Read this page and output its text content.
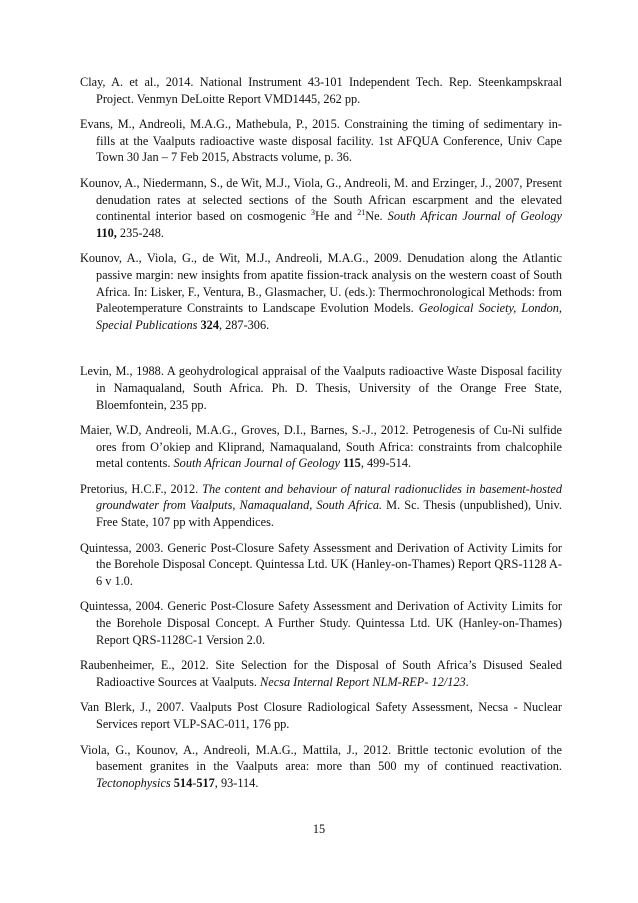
Clay, A. et al., 2014. National Instrument 43-101 Independent Tech. Rep. Steenkampskraal Project. Venmyn DeLoitte Report VMD1445, 262 pp.

Evans, M., Andreoli, M.A.G., Mathebula, P., 2015. Constraining the timing of sedimentary in-fills at the Vaalputs radioactive waste disposal facility. 1st AFQUA Conference, Univ Cape Town 30 Jan – 7 Feb 2015, Abstracts volume, p. 36.

Kounov, A., Niedermann, S., de Wit, M.J., Viola, G., Andreoli, M. and Erzinger, J., 2007, Present denudation rates at selected sections of the South African escarpment and the elevated continental interior based on cosmogenic $^3$He and $^{21}$Ne. South African Journal of Geology 110, 235-248.

Kounov, A., Viola, G., de Wit, M.J., Andreoli, M.A.G., 2009. Denudation along the Atlantic passive margin: new insights from apatite fission-track analysis on the western coast of South Africa. In: Lisker, F., Ventura, B., Glasmacher, U. (eds.): Thermochronological Methods: from Paleotemperature Constraints to Landscape Evolution Models. Geological Society, London, Special Publications 324, 287-306.

Levin, M., 1988. A geohydrological appraisal of the Vaalputs radioactive Waste Disposal facility in Namaqualand, South Africa. Ph. D. Thesis, University of the Orange Free State, Bloemfontein, 235 pp.

Maier, W.D, Andreoli, M.A.G., Groves, D.I., Barnes, S.-J., 2012. Petrogenesis of Cu-Ni sulfide ores from O’okiep and Kliprand, Namaqualand, South Africa: constraints from chalcophile metal contents. South African Journal of Geology 115, 499-514.

Pretorius, H.C.F., 2012. The content and behaviour of natural radionuclides in basement-hosted groundwater from Vaalputs, Namaqualand, South Africa. M. Sc. Thesis (unpublished), Univ. Free State, 107 pp with Appendices.

Quintessa, 2003. Generic Post-Closure Safety Assessment and Derivation of Activity Limits for the Borehole Disposal Concept. Quintessa Ltd. UK (Hanley-on-Thames) Report QRS-1128 A-6 v 1.0.

Quintessa, 2004. Generic Post-Closure Safety Assessment and Derivation of Activity Limits for the Borehole Disposal Concept. A Further Study. Quintessa Ltd. UK (Hanley-on-Thames) Report QRS-1128C-1 Version 2.0.

Raubenheimer, E., 2012. Site Selection for the Disposal of South Africa’s Disused Sealed Radioactive Sources at Vaalputs. Necsa Internal Report NLM-REP- 12/123.

Van Blerk, J., 2007. Vaalputs Post Closure Radiological Safety Assessment, Necsa - Nuclear Services report VLP-SAC-011, 176 pp.

Viola, G., Kounov, A., Andreoli, M.A.G., Mattila, J., 2012. Brittle tectonic evolution of the basement granites in the Vaalputs area: more than 500 my of continued reactivation. Tectonophysics 514-517, 93-114.

15
